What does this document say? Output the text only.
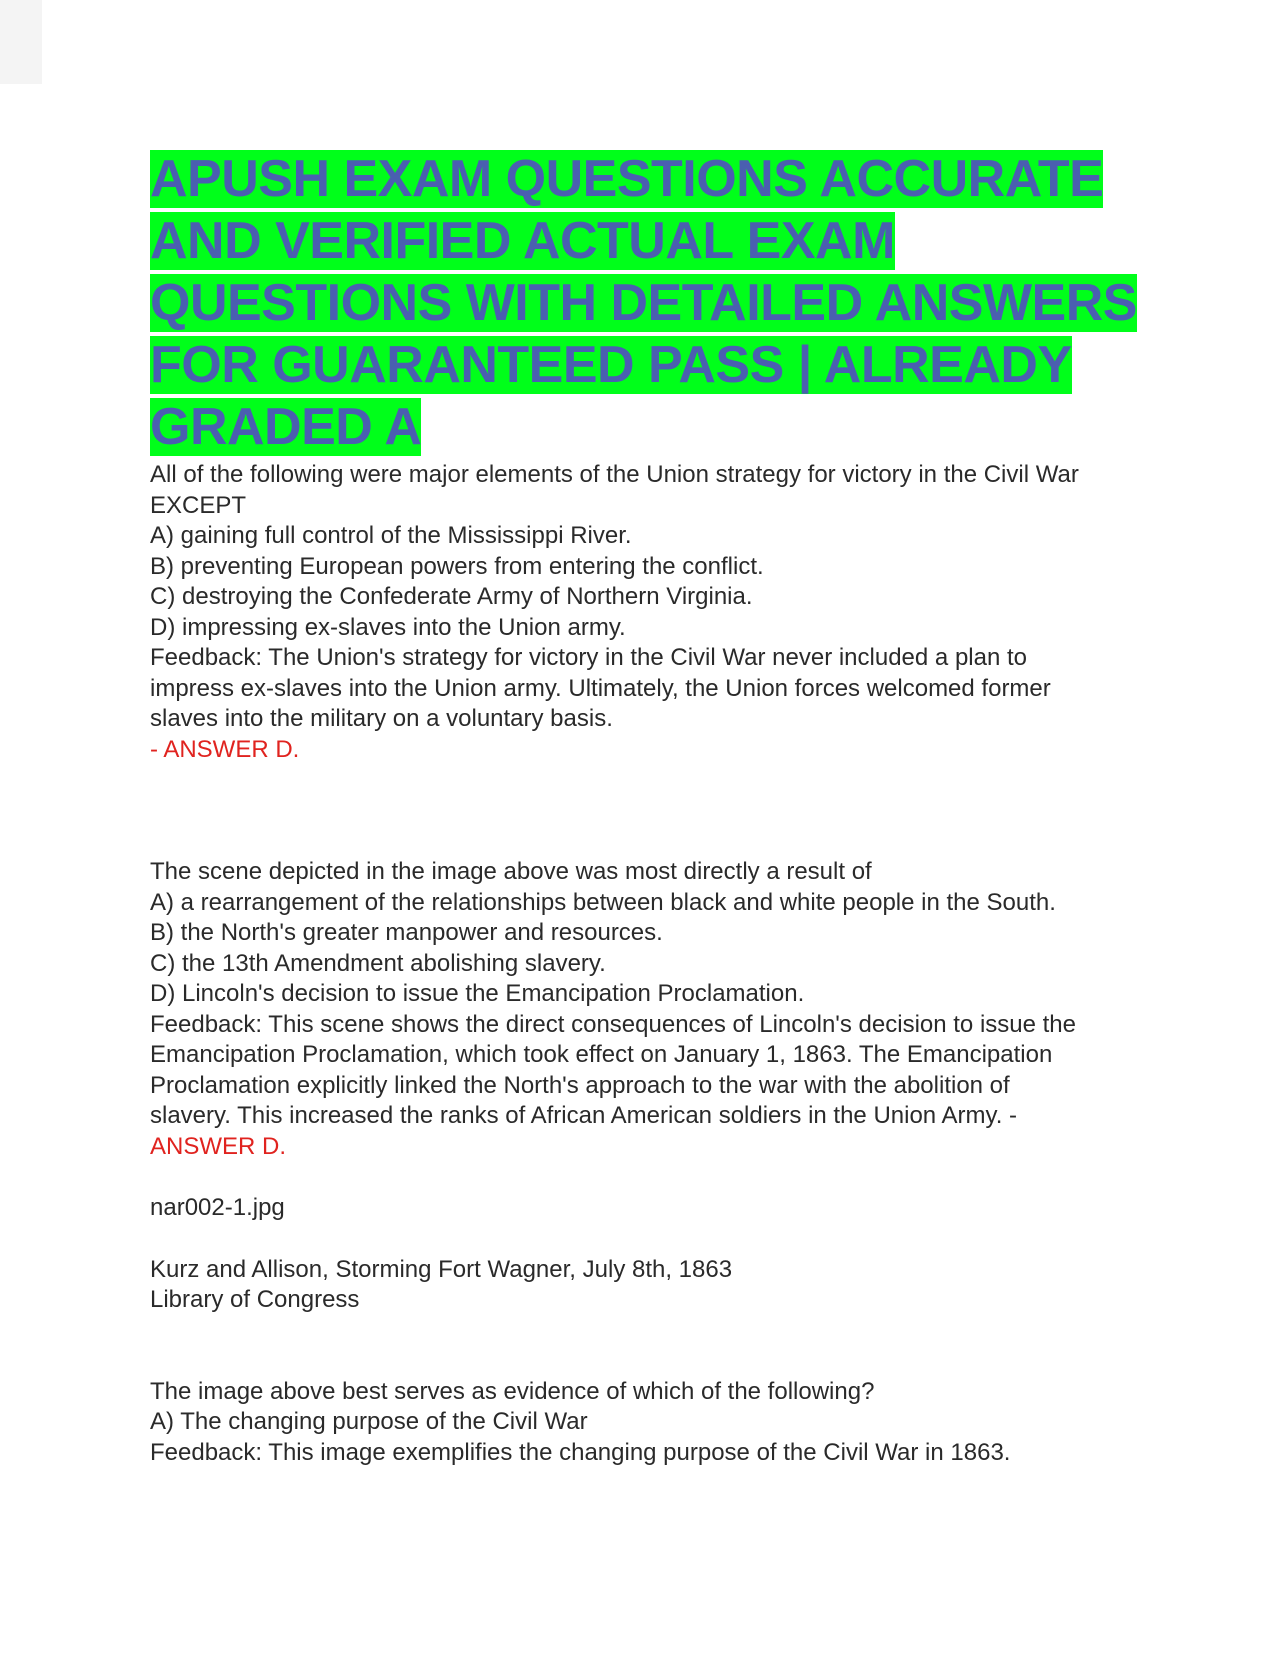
APUSH EXAM QUESTIONS ACCURATE AND VERIFIED ACTUAL EXAM QUESTIONS WITH DETAILED ANSWERS FOR GUARANTEED PASS | ALREADY GRADED A
All of the following were major elements of the Union strategy for victory in the Civil War
EXCEPT
A) gaining full control of the Mississippi River.
B) preventing European powers from entering the conflict.
C) destroying the Confederate Army of Northern Virginia.
D) impressing ex-slaves into the Union army.
Feedback: The Union's strategy for victory in the Civil War never included a plan to
impress ex-slaves into the Union army. Ultimately, the Union forces welcomed former
slaves into the military on a voluntary basis.
- ANSWER D.
The scene depicted in the image above was most directly a result of
A) a rearrangement of the relationships between black and white people in the South.
B) the North's greater manpower and resources.
C) the 13th Amendment abolishing slavery.
D) Lincoln's decision to issue the Emancipation Proclamation.
Feedback: This scene shows the direct consequences of Lincoln's decision to issue the
Emancipation Proclamation, which took effect on January 1, 1863. The Emancipation
Proclamation explicitly linked the North's approach to the war with the abolition of
slavery. This increased the ranks of African American soldiers in the Union Army. -
ANSWER D.
nar002-1.jpg
Kurz and Allison, Storming Fort Wagner, July 8th, 1863
Library of Congress
The image above best serves as evidence of which of the following?
A) The changing purpose of the Civil War
Feedback: This image exemplifies the changing purpose of the Civil War in 1863.
